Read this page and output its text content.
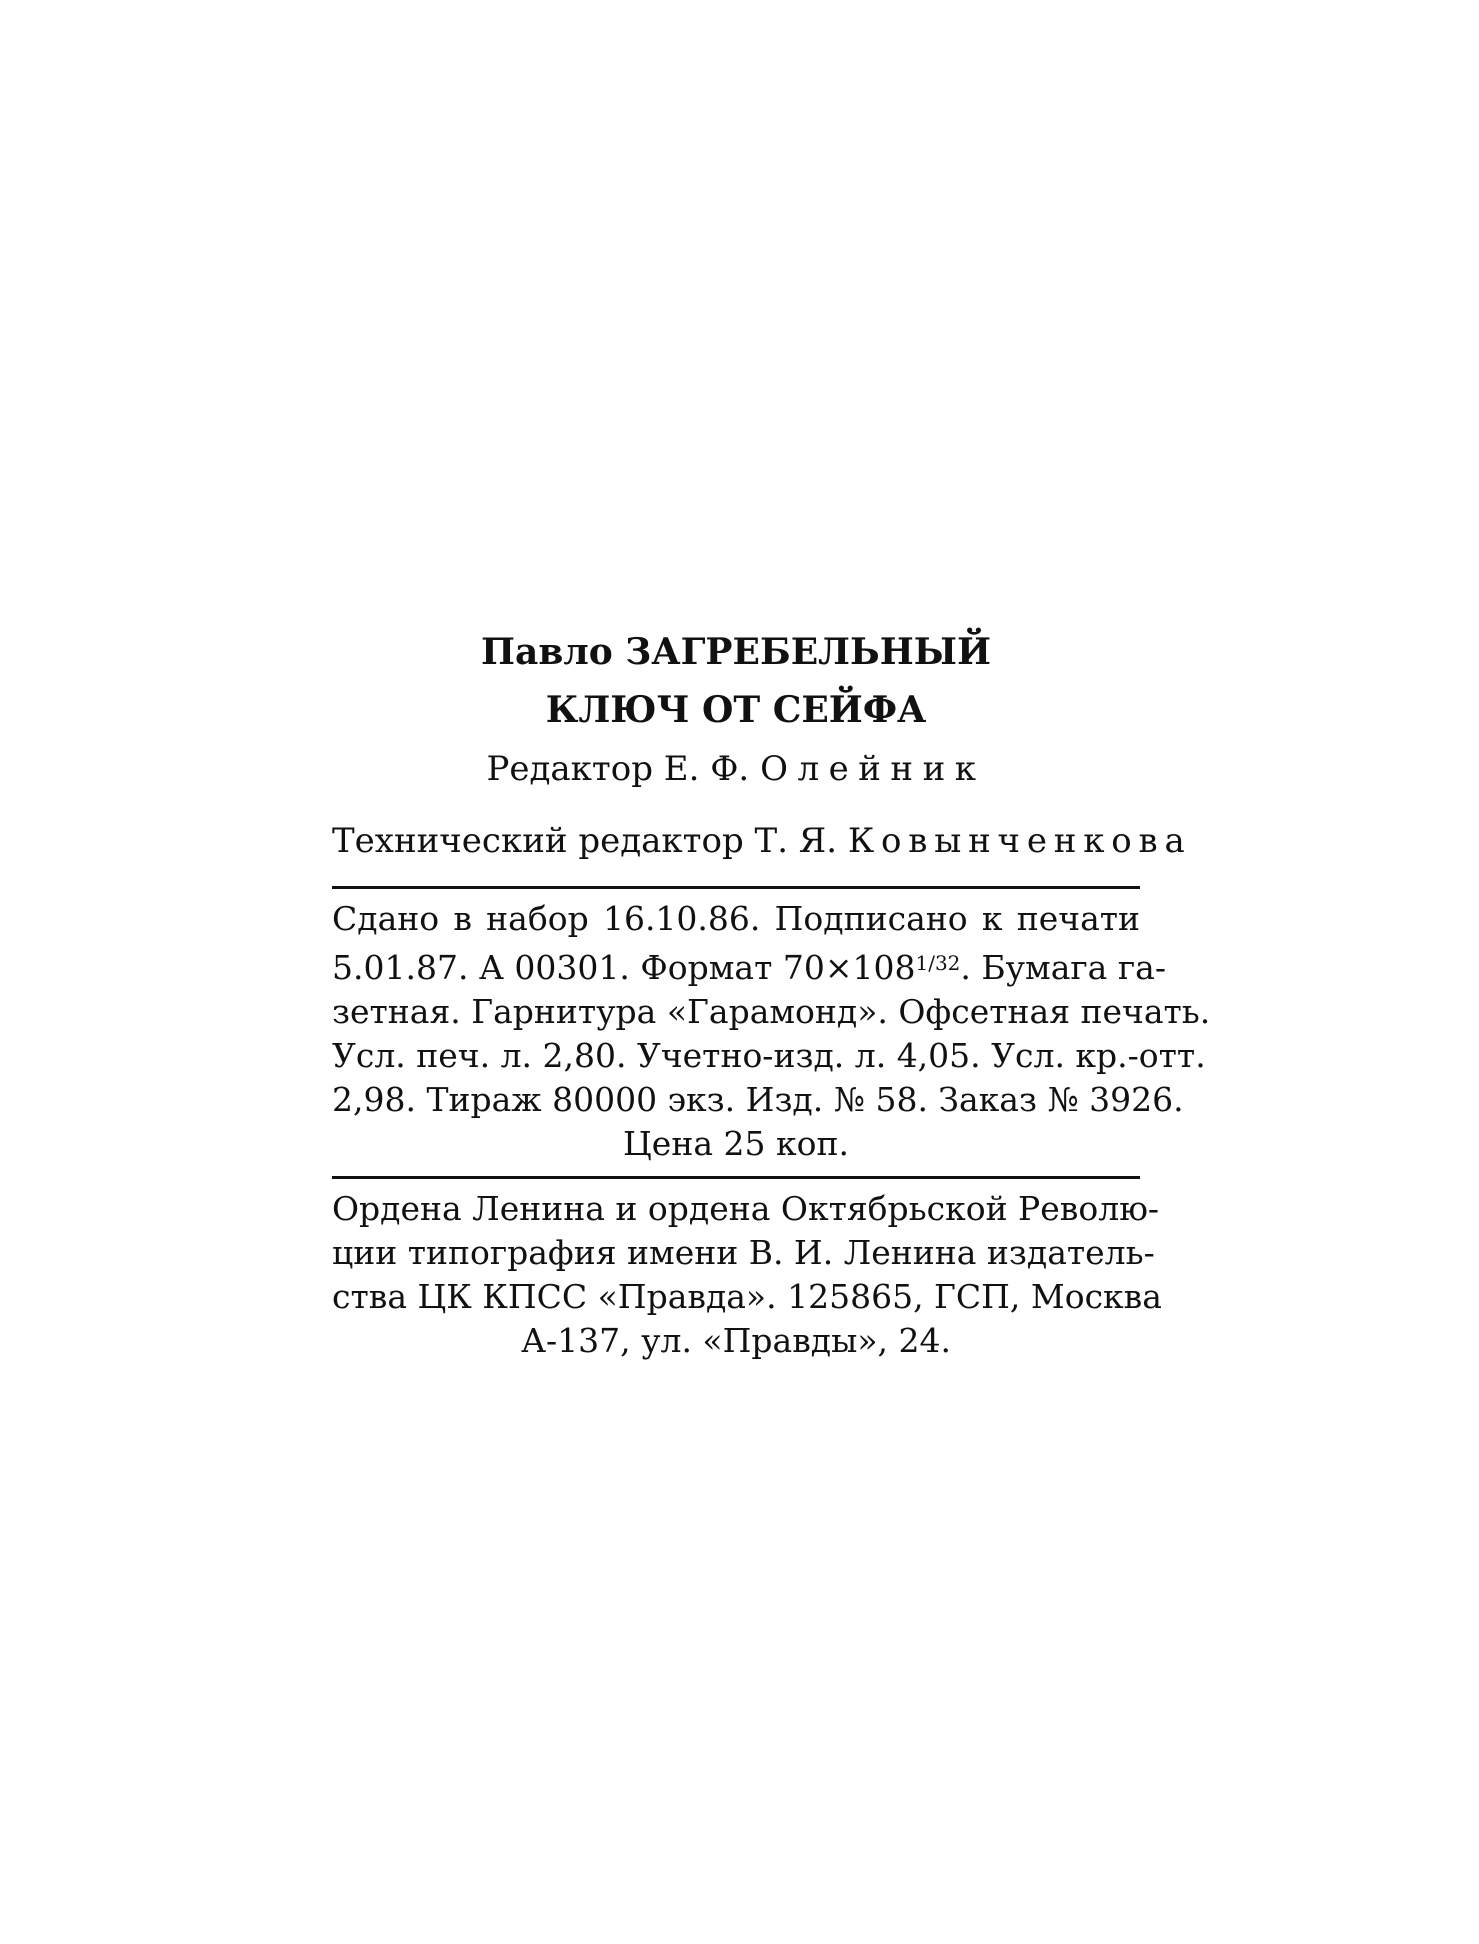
Павло ЗАГРЕБЕЛЬНЫЙ

КЛЮЧ ОТ СЕЙФА

Редактор Е. Ф. Олейник

Технический редактор Т. Я. Ковынченкова

Сдано в набор 16.10.86. Подписано к печати
5.01.87. А 00301. Формат $70\times 108^{1/32}$. Бумага га-
зетная. Гарнитура «Гарамонд». Офсетная печать.
Усл. печ. л. 2,80. Учетно-изд. л. 4,05. Усл. кр.-отт.
2,98. Тираж 80000 экз. Изд. № 58. Заказ № 3926.
Цена 25 коп.
Ордена Ленина и ордена Октябрьской Револю-
ции типография имени В. И. Ленина издатель-
ства ЦК КПСС «Правда». 125865, ГСП, Москва
А-137, ул. «Правды», 24.
